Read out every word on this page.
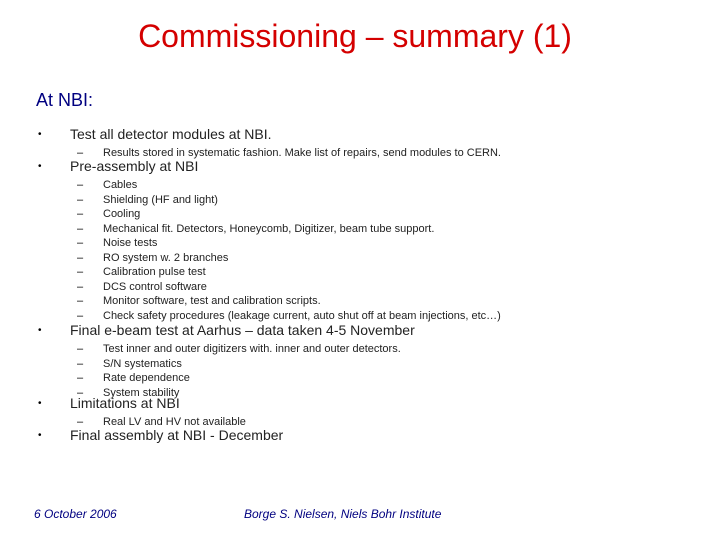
Commissioning – summary (1)
At NBI:
• Test all detector modules at NBI.
– Results stored in systematic fashion. Make list of repairs, send modules to CERN.
• Pre-assembly at NBI
– Cables
– Shielding (HF and light)
– Cooling
– Mechanical fit. Detectors, Honeycomb, Digitizer, beam tube support.
– Noise tests
– RO system w. 2 branches
– Calibration pulse test
– DCS control software
– Monitor software, test and calibration scripts.
– Check safety procedures (leakage current, auto shut off at beam injections, etc…)
• Final e-beam test at Aarhus – data taken 4-5 November
– Test inner and outer digitizers with. inner and outer detectors.
– S/N systematics
– Rate dependence
– System stability
• Limitations at NBI
– Real LV and HV not available
• Final assembly at NBI - December
6 October 2006	Borge S. Nielsen, Niels Bohr Institute
